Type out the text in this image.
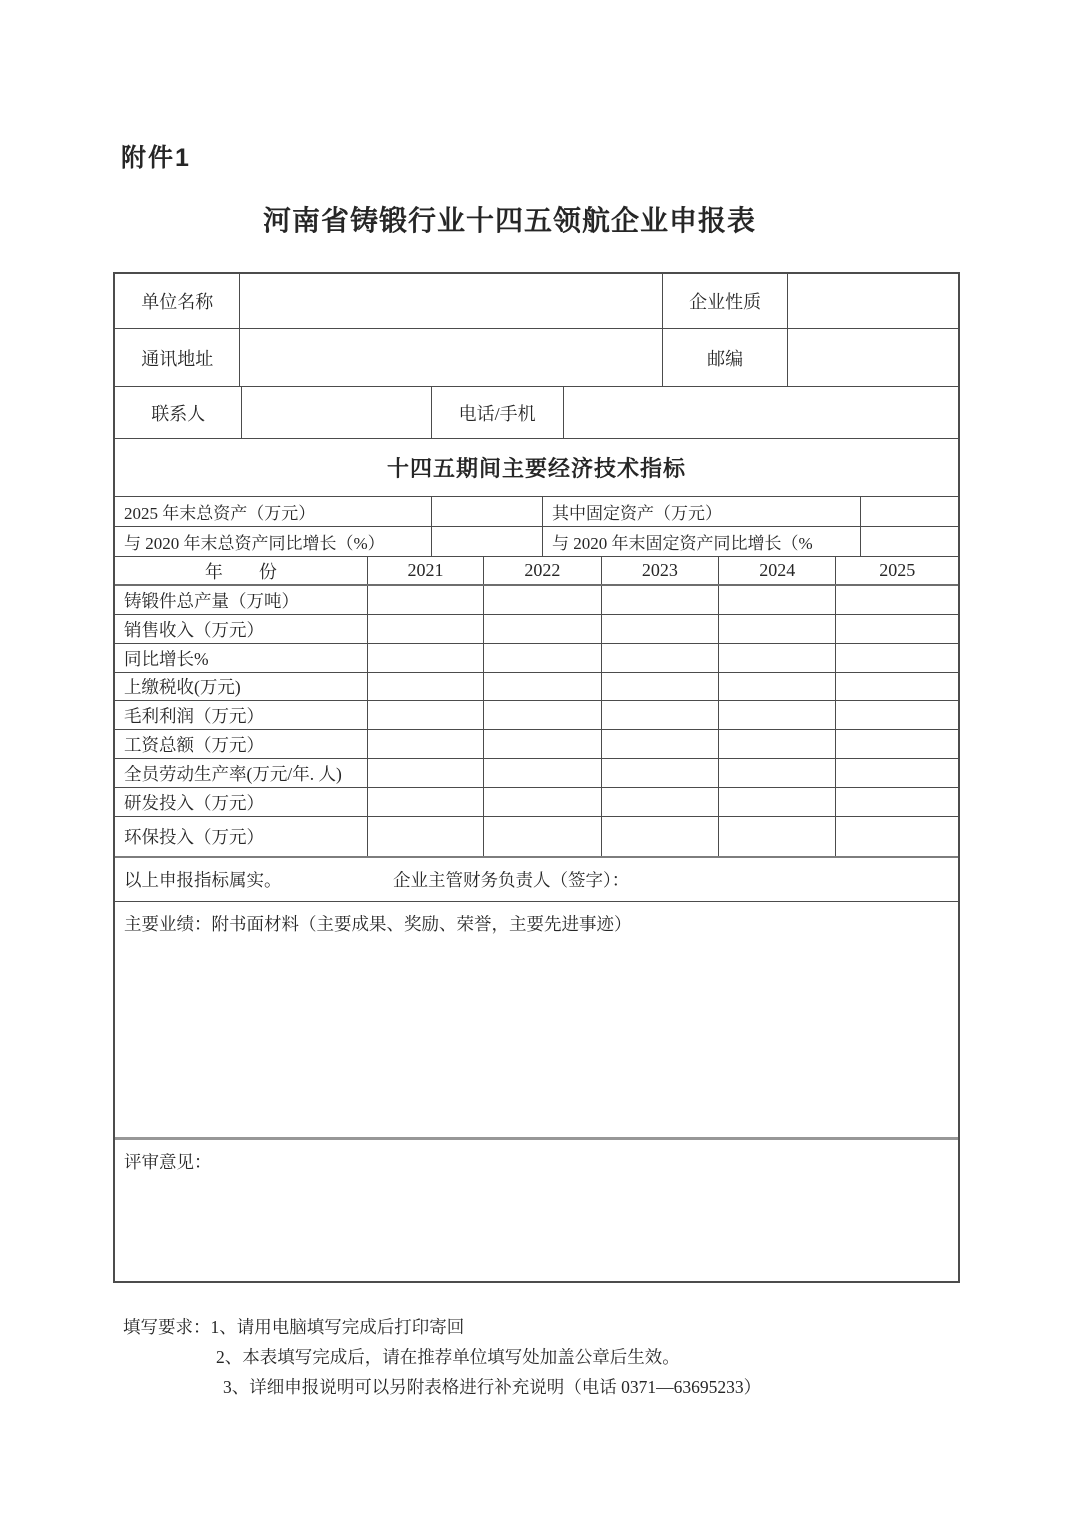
附件1
河南省铸锻行业十四五领航企业申报表
单位名称	企业性质
通讯地址	邮编
联系人	电话/手机
十四五期间主要经济技术指标
2025 年末总资产（万元）	其中固定资产（万元）
与 2020 年末总资产同比增长（%）	与 2020 年末固定资产同比增长（%
年　　份	2021	2022	2023	2024	2025
铸锻件总产量（万吨）
销售收入（万元）
同比增长%
上缴税收(万元)
毛利利润（万元）
工资总额（万元）
全员劳动生产率(万元/年. 人)
研发投入（万元）
环保投入（万元）
以上申报指标属实。	企业主管财务负责人（签字）：
主要业绩：附书面材料（主要成果、奖励、荣誉，主要先进事迹）
评审意见：
填写要求：1、请用电脑填写完成后打印寄回
2、本表填写完成后，请在推荐单位填写处加盖公章后生效。
3、详细申报说明可以另附表格进行补充说明（电话 0371—63695233）
